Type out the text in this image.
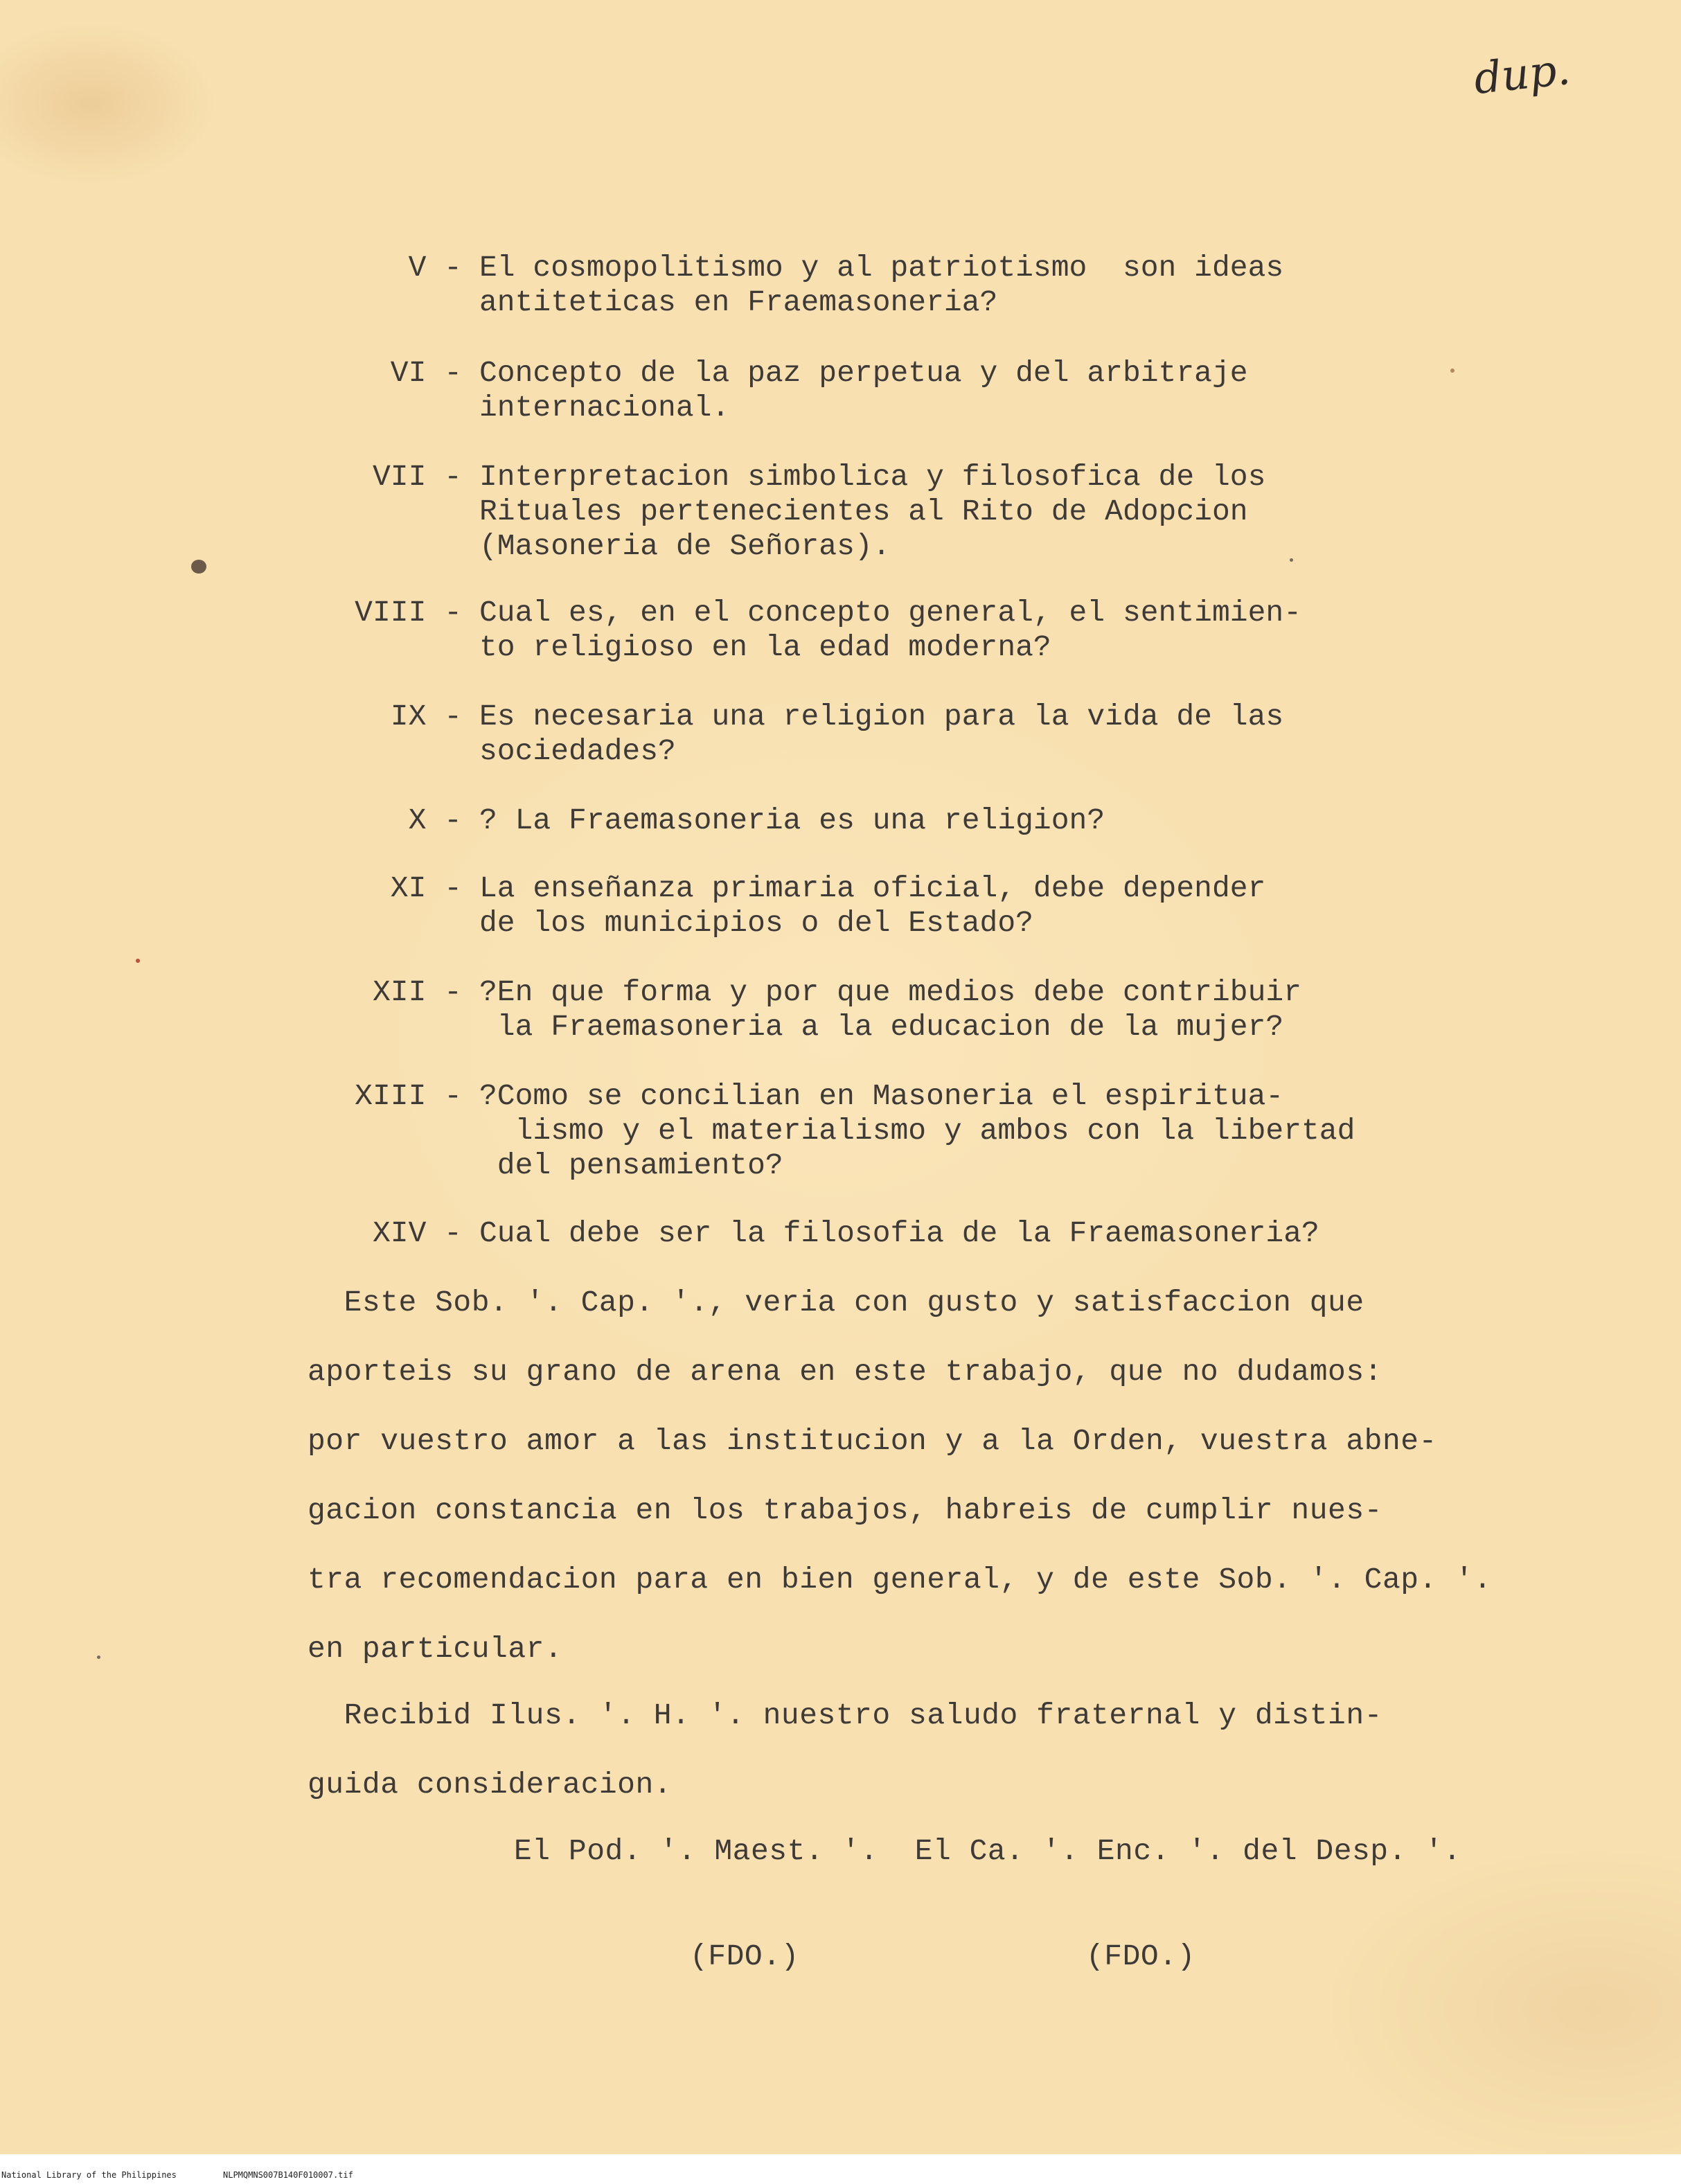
dup.
V - El cosmopolitismo y al patriotismo  son ideas
antiteticas en Fraemasoneria?
VI - Concepto de la paz perpetua y del arbitraje
internacional.
VII - Interpretacion simbolica y filosofica de los
Rituales pertenecientes al Rito de Adopcion
(Masoneria de Señoras).
VIII - Cual es, en el concepto general, el sentimien-
to religioso en la edad moderna?
IX - Es necesaria una religion para la vida de las
sociedades?
X - ? La Fraemasoneria es una religion?
XI - La enseñanza primaria oficial, debe depender
de los municipios o del Estado?
XII - ?En que forma y por que medios debe contribuir
la Fraemasoneria a la educacion de la mujer?
XIII - ?Como se concilian en Masoneria el espiritua-
lismo y el materialismo y ambos con la libertad
del pensamiento?
XIV - Cual debe ser la filosofia de la Fraemasoneria?
Este Sob. '. Cap. '., veria con gusto y satisfaccion que
aporteis su grano de arena en este trabajo, que no dudamos:
por vuestro amor a las institucion y a la Orden, vuestra abne-
gacion constancia en los trabajos, habreis de cumplir nues-
tra recomendacion para en bien general, y de este Sob. '. Cap. '.
en particular.
Recibid Ilus. '. H. '. nuestro saludo fraternal y distin-
guida consideracion.
El Pod. '. Maest. '.  El Ca. '. Enc. '. del Desp. '.
(FDO.)	(FDO.)
National Library of the Philippines	NLPMQMNS007B140F010007.tif
